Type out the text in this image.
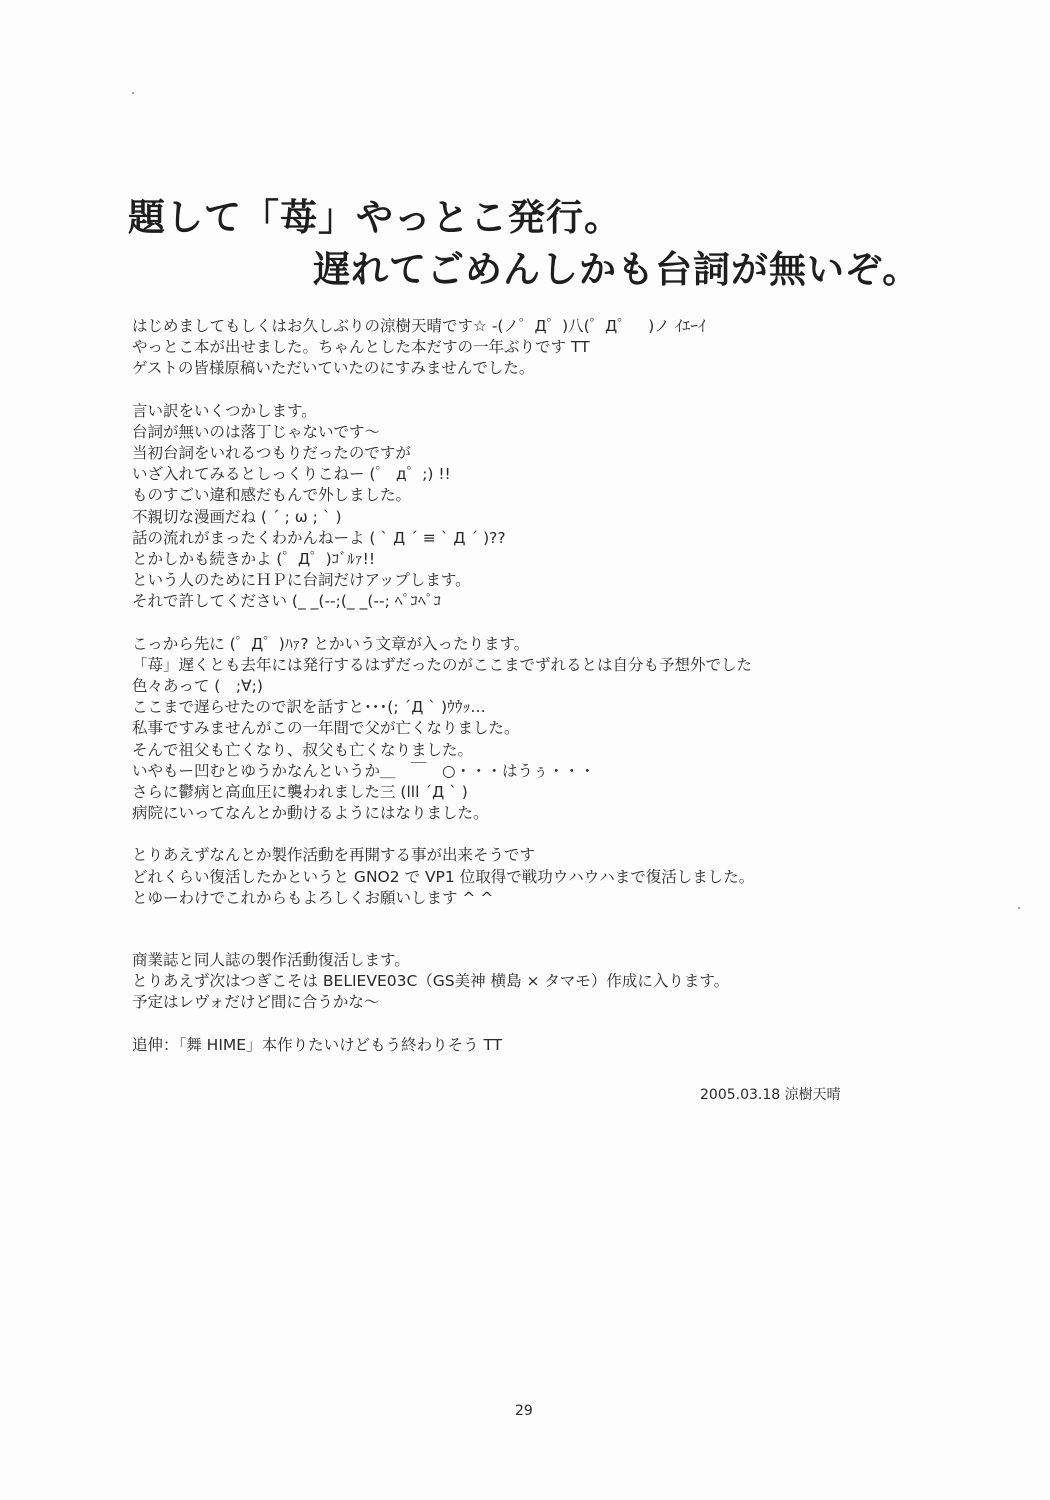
題して「苺」やっとこ発行。
遅れてごめんしかも台詞が無いぞ。
はじめましてもしくはお久しぶりの涼樹天晴です☆ -(ノ゜Д゜)八(゜Д゜　)ノ ｲｴｰｲ
やっとこ本が出せました。ちゃんとした本だすの一年ぶりです TT
ゲストの皆様原稿いただいていたのにすみませんでした。
言い訳をいくつかします。
台詞が無いのは落丁じゃないです～
当初台詞をいれるつもりだったのですが
いざ入れてみるとしっくりこねー (゜ д゜;) !!
ものすごい違和感だもんで外しました。
不親切な漫画だね ( ´ ; ω ; ` )
話の流れがまったくわかんねーよ ( ` Д ´ ≡ ` Д ´ )??
とかしかも続きかよ (゜Д゜)ｺﾞﾙｧ!!
という人のためにＨＰに台詞だけアップします。
それで許してください (_ _(--;(_ _(--; ﾍﾟｺﾍﾟｺ
こっから先に (゜Д゜)ﾊｧ? とかいう文章が入ったります。
「苺」遅くとも去年には発行するはずだったのがここまでずれるとは自分も予想外でした
色々あって (　;∀;)
ここまで遅らせたので訳を話すと･･･(; ´Д ` )ｳｳｯ…
私事ですみませんがこの一年間で父が亡くなりました。
そんで祖父も亡くなり、叔父も亡くなりました。
いやもー凹むとゆうかなんというか＿　￣　○・・・はうぅ・・・
さらに鬱病と高血圧に襲われました三 (lll ´Д ` )
病院にいってなんとか動けるようにはなりました。
とりあえずなんとか製作活動を再開する事が出来そうです
どれくらい復活したかというと GNO2 で VP1 位取得で戦功ウハウハまで復活しました。
とゆーわけでこれからもよろしくお願いします ^ ^
商業誌と同人誌の製作活動復活します。
とりあえず次はつぎこそは BELIEVE03C（GS美神 横島 × タマモ）作成に入ります。
予定はレヴォだけど間に合うかな～
追伸：「舞 HIME」本作りたいけどもう終わりそう TT
2005.03.18 涼樹天晴
29
